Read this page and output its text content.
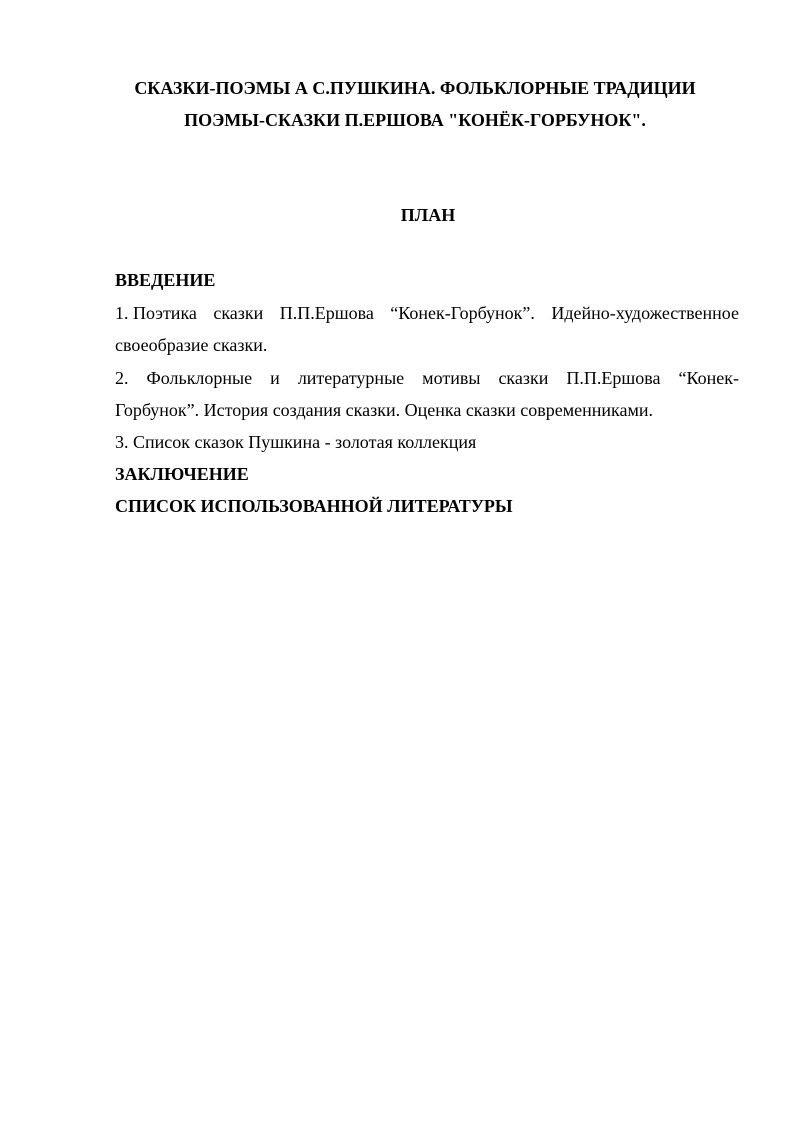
СКАЗКИ-ПОЭМЫ А С.ПУШКИНА. ФОЛЬКЛОРНЫЕ ТРАДИЦИИ
ПОЭМЫ-СКАЗКИ П.ЕРШОВА "КОНЁК-ГОРБУНОК".
ПЛАН
ВВЕДЕНИЕ
1. Поэтика сказки П.П.Ершова “Конек-Горбунок”. Идейно-художественное
своеобразие сказки.
2. Фольклорные и литературные мотивы сказки П.П.Ершова “Конек-
Горбунок”. История создания сказки. Оценка сказки современниками.
3. Список сказок Пушкина - золотая коллекция
ЗАКЛЮЧЕНИЕ
СПИСОК ИСПОЛЬЗОВАННОЙ ЛИТЕРАТУРЫ
